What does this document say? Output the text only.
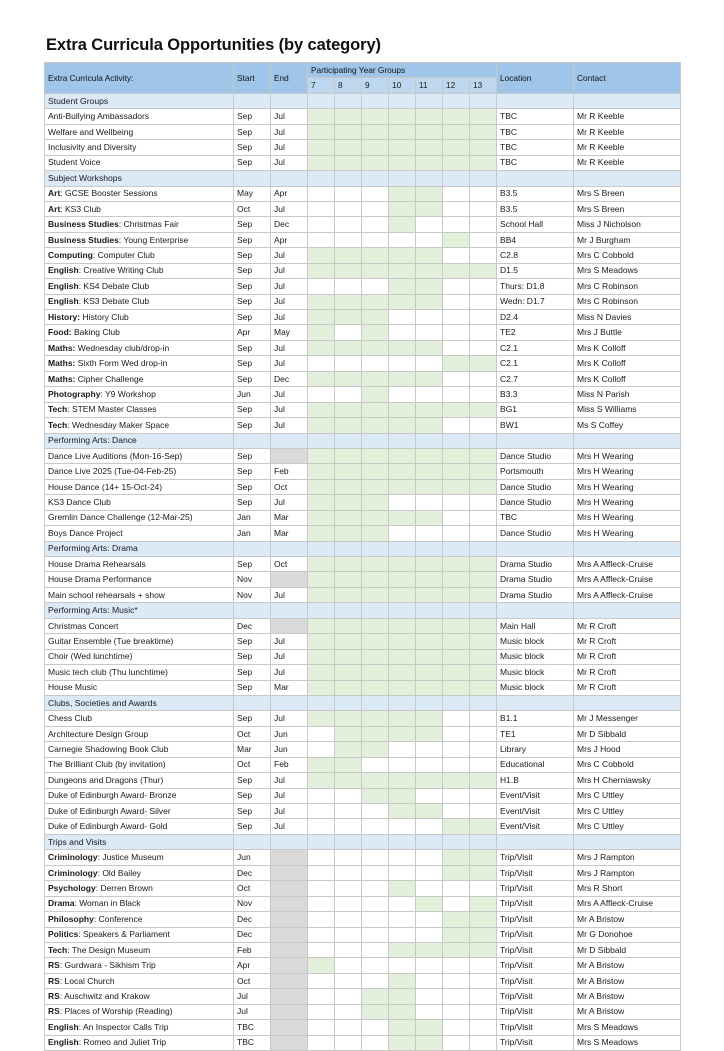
Extra Curricula Opportunities (by category)
Extra Curricula Activity:	Start	End	Participating Year Groups							Location	Contact
			7	8	9	10	11	12	13		
Student Groups											
Anti-Bullying Ambassadors	Sep	Jul								TBC	Mr R Keeble
Welfare and Wellbeing	Sep	Jul								TBC	Mr R Keeble
Inclusivity and Diversity	Sep	Jul								TBC	Mr R Keeble
Student Voice	Sep	Jul								TBC	Mr R Keeble
Subject Workshops											
Art: GCSE Booster Sessions	May	Apr								B3.5	Mrs S Breen
Art: KS3 Club	Oct	Jul								B3.5	Mrs S Breen
Business Studies: Christmas Fair	Sep	Dec								School Hall	Miss J Nicholson
Business Studies: Young Enterprise	Sep	Apr								BB4	Mr J Burgham
Computing: Computer Club	Sep	Jul								C2.8	Mrs C Cobbold
English: Creative Writing Club	Sep	Jul								D1.5	Mrs S Meadows
English: KS4 Debate Club	Sep	Jul								Thurs: D1.8	Mrs C Robinson
English: KS3 Debate Club	Sep	Jul								Wedn: D1.7	Mrs C Robinson
History: History Club	Sep	Jul								D2.4	Miss N Davies
Food: Baking Club	Apr	May								TE2	Mrs J Buttle
Maths: Wednesday club/drop-in	Sep	Jul								C2.1	Mrs K Colloff
Maths: Sixth Form Wed drop-in	Sep	Jul								C2.1	Mrs K Colloff
Maths: Cipher Challenge	Sep	Dec								C2.7	Mrs K Colloff
Photography: Y9 Workshop	Jun	Jul								B3.3	Miss N Parish
Tech: STEM Master Classes	Sep	Jul								BG1	Miss S Williams
Tech: Wednesday Maker Space	Sep	Jul								BW1	Ms S Coffey
Performing Arts: Dance											
Dance Live Auditions (Mon-16-Sep)	Sep									Dance Studio	Mrs H Wearing
Dance Live 2025 (Tue-04-Feb-25)	Sep	Feb								Portsmouth	Mrs H Wearing
House Dance (14+ 15-Oct-24)	Sep	Oct								Dance Studio	Mrs H Wearing
KS3 Dance Club	Sep	Jul								Dance Studio	Mrs H Wearing
Gremlin Dance Challenge (12-Mar-25)	Jan	Mar								TBC	Mrs H Wearing
Boys Dance Project	Jan	Mar								Dance Studio	Mrs H Wearing
Performing Arts: Drama											
House Drama Rehearsals	Sep	Oct								Drama Studio	Mrs A Affleck-Cruise
House Drama Performance	Nov									Drama Studio	Mrs A Affleck-Cruise
Main school rehearsals + show	Nov	Jul								Drama Studio	Mrs A Affleck-Cruise
Performing Arts: Music*											
Christmas Concert	Dec									Main Hall	Mr R Croft
Guitar Ensemble (Tue breaktime)	Sep	Jul								Music block	Mr R Croft
Choir (Wed lunchtime)	Sep	Jul								Music block	Mr R Croft
Music tech club (Thu lunchtime)	Sep	Jul								Music block	Mr R Croft
House Music	Sep	Mar								Music block	Mr R Croft
Clubs, Societies and Awards											
Chess Club	Sep	Jul								B1.1	Mr J Messenger
Architecture Design Group	Oct	Jun								TE1	Mr D Sibbald
Carnegie Shadowing Book Club	Mar	Jun								Library	Mrs J Hood
The Brilliant Club (by invitation)	Oct	Feb								Educational	Mrs C Cobbold
Dungeons and Dragons (Thur)	Sep	Jul								H1.B	Mrs H Cherniawsky
Duke of Edinburgh Award- Bronze	Sep	Jul								Event/Visit	Mrs C Uttley
Duke of Edinburgh Award- Silver	Sep	Jul								Event/Visit	Mrs C Uttley
Duke of Edinburgh Award- Gold	Sep	Jul								Event/Visit	Mrs C Uttley
Trips and Visits											
Criminology: Justice Museum	Jun									Trip/Visit	Mrs J Rampton
Criminology: Old Bailey	Dec									Trip/Visit	Mrs J Rampton
Psychology: Derren Brown	Oct									Trip/Visit	Mrs R Short
Drama: Woman in Black	Nov									Trip/Visit	Mrs A Affleck-Cruise
Philosophy: Conference	Dec									Trip/Visit	Mr A Bristow
Politics: Speakers & Parliament	Dec									Trip/Visit	Mr G Donohoe
Tech: The Design Museum	Feb									Trip/Visit	Mr D Sibbald
RS: Gurdwara - Sikhism Trip	Apr									Trip/Visit	Mr A Bristow
RS: Local Church	Oct									Trip/Visit	Mr A Bristow
RS: Auschwitz and Krakow	Jul									Trip/Visit	Mr A Bristow
RS: Places of Worship (Reading)	Jul									Trip/Visit	Mr A Bristow
English: An Inspector Calls Trip	TBC									Trip/Visit	Mrs S Meadows
English: Romeo and Juliet Trip	TBC									Trip/Visit	Mrs S Meadows
